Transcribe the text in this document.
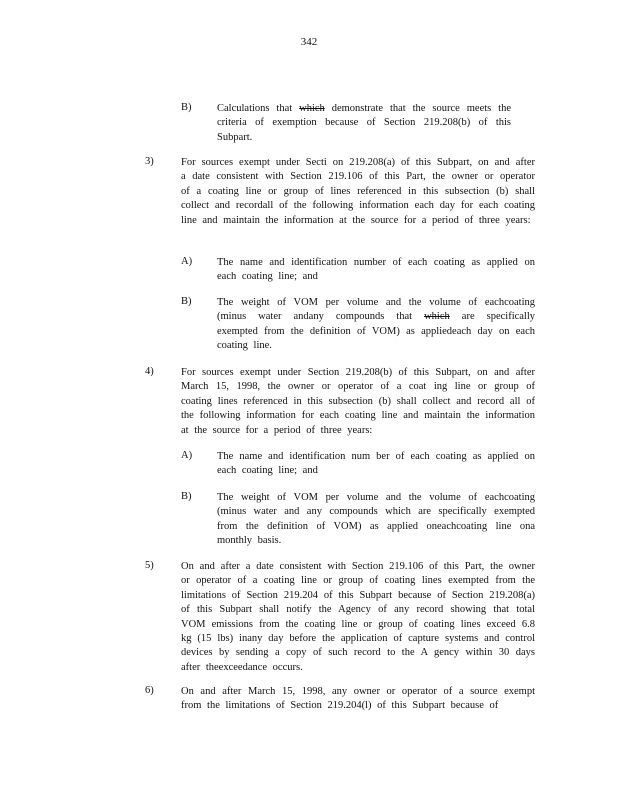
342
B) Calculations that which demonstrate that the source meets the criteria of exemption because of Section 219.208(b) of this Subpart.
3)	For sources exempt under Secti on 219.208(a) of this Subpart, on and after a date consistent with Section 219.106 of this Part, the owner or operator of a coating line or group of lines referenced in this subsection (b) shall collect and recordall of the following information each day for each coating line and maintain the information at the source for a period of three years:
A) The name and identification number of each coating as applied on each coating line; and
B) The weight of VOM per volume and the volume of eachcoating (minus water andany compounds that which are specifically exempted from the definition of VOM) as appliedeach day on each coating line.
4)	For sources exempt under Section 219.208(b) of this Subpart, on and after March 15, 1998, the owner or operator of a coat ing line or group of coating lines referenced in this subsection (b) shall collect and record all of the following information for each coating line and maintain the information at the source for a period of three years:
A) The name and identification num ber of each coating as applied on each coating line; and
B) The weight of VOM per volume and the volume of eachcoating (minus water and any compounds which are specifically exempted from the definition of VOM) as applied oneachcoating line ona monthly basis.
5)	On and after a date consistent with Section 219.106 of this Part, the owner or operator of a coating line or group of coating lines exempted from the limitations of Section 219.204 of this Subpart because of Section 219.208(a) of this Subpart shall notify the Agency of any record showing that total VOM emissions from the coating line or group of coating lines exceed 6.8 kg (15 lbs) inany day before the application of capture systems and control devices by sending a copy of such record to the A gency within 30 days after theexceedance occurs.
6)	On and after March 15, 1998, any owner or operator of a source exempt from the limitations of Section 219.204(l) of this Subpart because of
